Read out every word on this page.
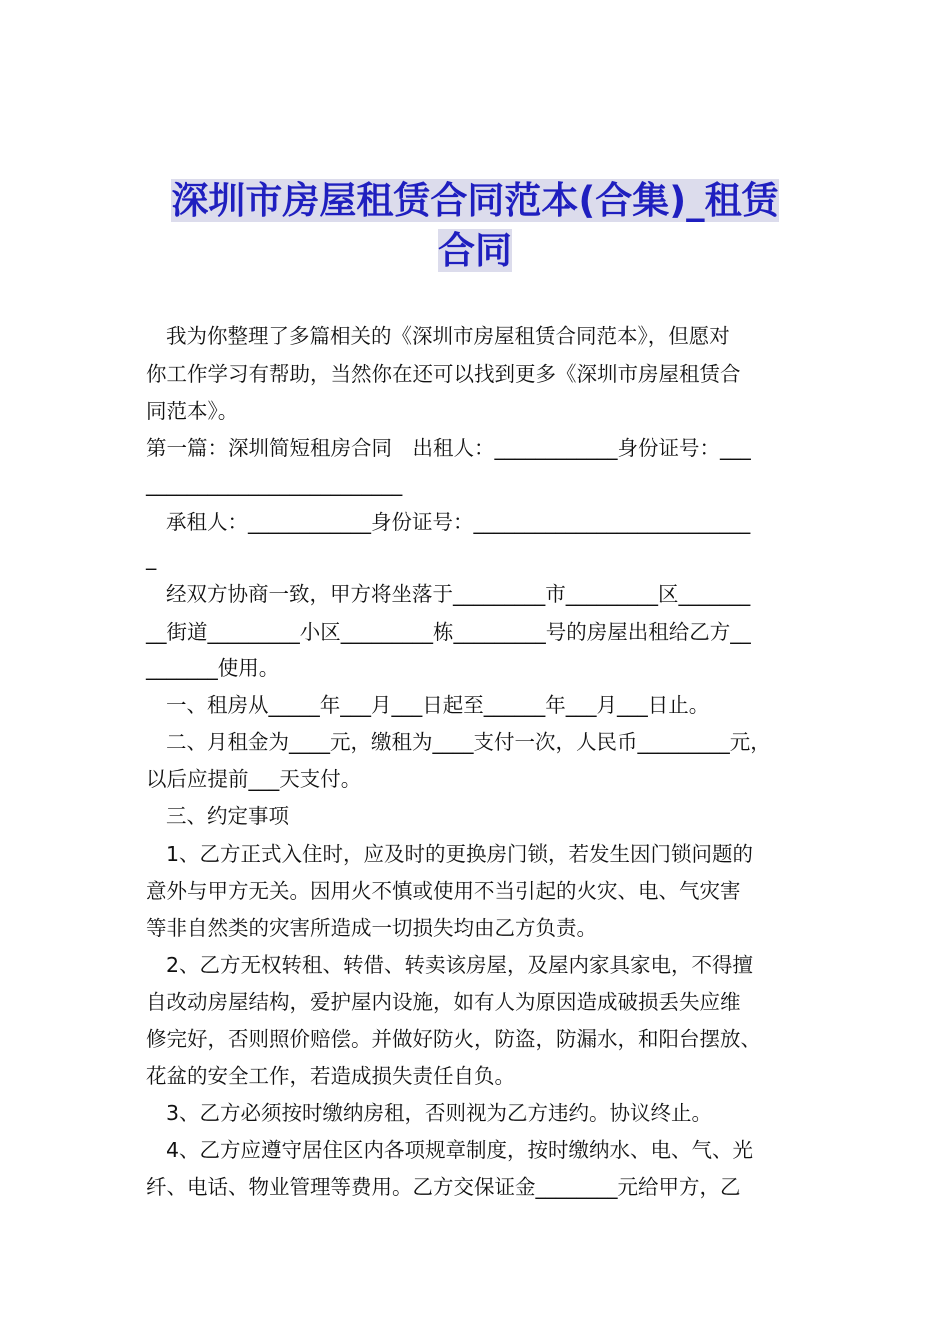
深圳市房屋租赁合同范本(合集)_租赁
合同
我为你整理了多篇相关的《深圳市房屋租赁合同范本》，但愿对
你工作学习有帮助，当然你在还可以找到更多《深圳市房屋租赁合
同范本》。
第一篇：深圳简短租房合同　出租人：____________身份证号：___
_________________________
承租人：____________身份证号：___________________________
_
经双方协商一致，甲方将坐落于_________市_________区_______
__街道_________小区_________栋_________号的房屋出租给乙方__
_______使用。
一、租房从_____年___月___日起至______年___月___日止。
二、月租金为____元，缴租为____支付一次，人民币_________元，
以后应提前___天支付。
三、约定事项
1、乙方正式入住时，应及时的更换房门锁，若发生因门锁问题的
意外与甲方无关。因用火不慎或使用不当引起的火灾、电、气灾害
等非自然类的灾害所造成一切损失均由乙方负责。
2、乙方无权转租、转借、转卖该房屋，及屋内家具家电，不得擅
自改动房屋结构，爱护屋内设施，如有人为原因造成破损丢失应维
修完好，否则照价赔偿。并做好防火，防盗，防漏水，和阳台摆放、
花盆的安全工作，若造成损失责任自负。
3、乙方必须按时缴纳房租，否则视为乙方违约。协议终止。
4、乙方应遵守居住区内各项规章制度，按时缴纳水、电、气、光
纤、电话、物业管理等费用。乙方交保证金________元给甲方，乙
